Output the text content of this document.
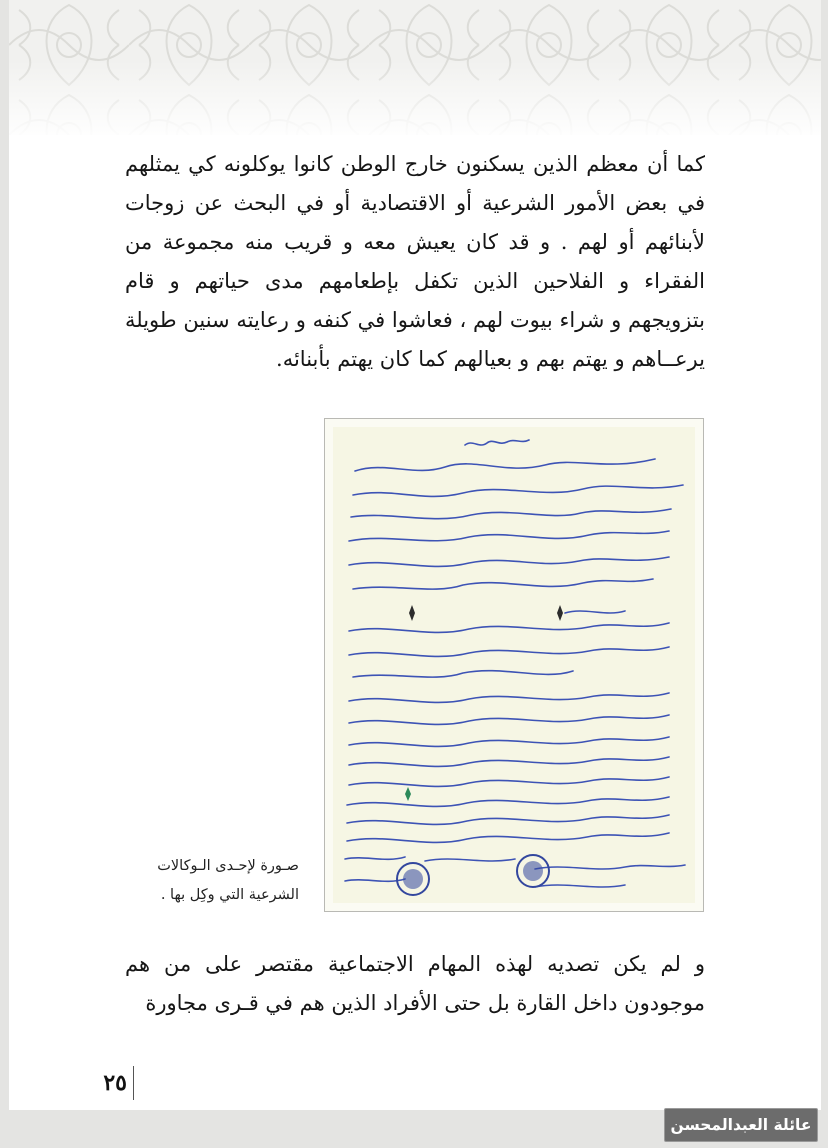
كما أن معظم الذين يسكنون خارج الوطن كانوا يوكلونه كي يمثلهم في بعض الأمور الشرعية أو الاقتصادية أو في البحث عن زوجات لأبنائهم أو لهم . و قد كان يعيش معه و قريب منه مجموعة من الفقراء و الفلاحين الذين تكفل بإطعامهم مدى حياتهم و قام بتزويجهم و شراء بيوت لهم ، فعاشوا في كنفه و رعايته سنين طويلة يرعــاهم و يهتم بهم و بعيالهم كما كان يهتم بأبنائه.

صـورة لإحـدى الـوكالات
الشرعية التي وكِل بها .

و لم يكن تصديه لهذه المهام الاجتماعية مقتصر على من هم موجودون داخل القارة بل حتى الأفراد الذين هم في قـرى مجاورة

٢٥
عائلة العبدالمحسن
